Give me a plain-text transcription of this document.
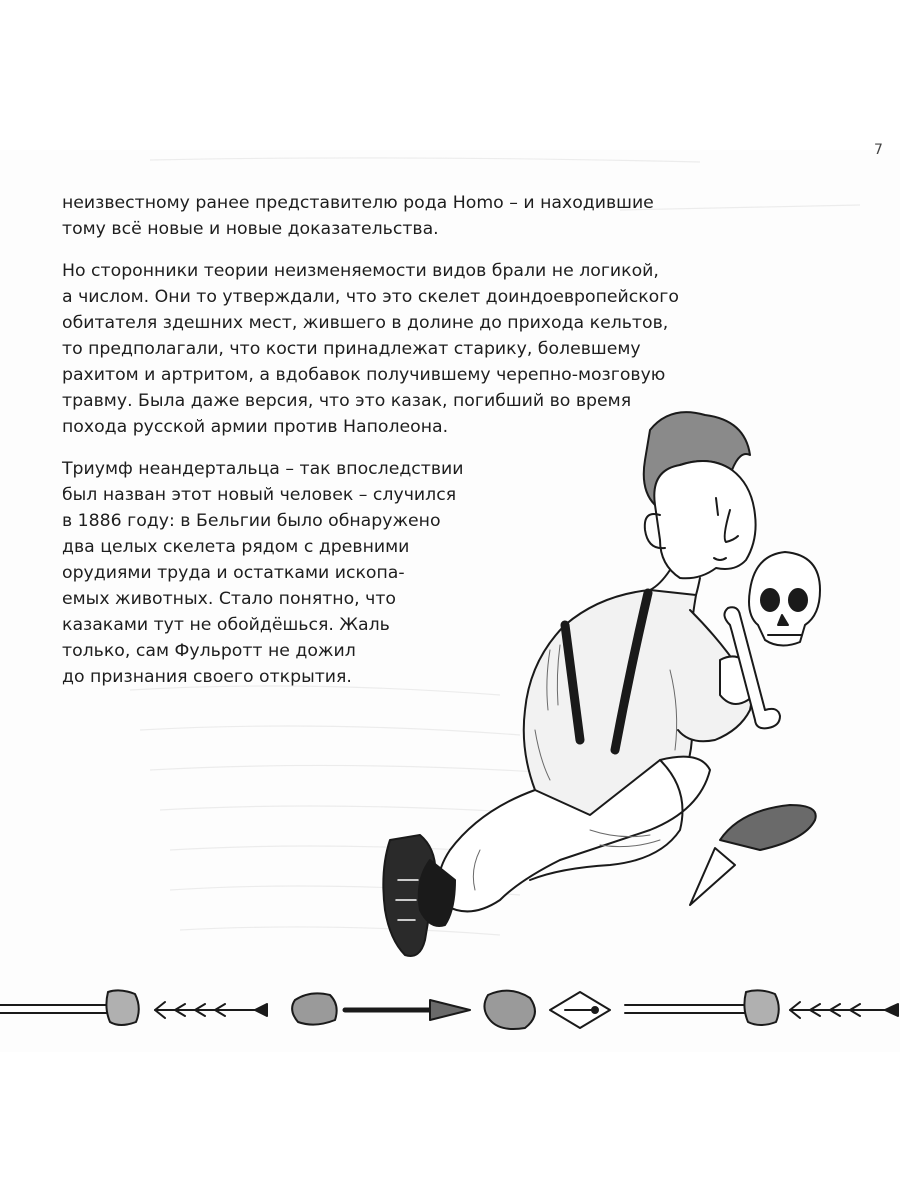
7
неизвестному ранее представителю рода Homo – и находившие
тому всё новые и новые доказательства.
Но сторонники теории неизменяемости видов брали не логикой,
а числом. Они то утверждали, что это скелет доиндоевропейского
обитателя здешних мест, жившего в долине до прихода кельтов,
то предполагали, что кости принадлежат старику, болевшему
рахитом и артритом, а вдобавок получившему черепно-мозговую
травму. Была даже версия, что это казак, погибший во время
похода русской армии против Наполеона.
Триумф неандертальца – так впоследствии
был назван этот новый человек – случился
в 1886 году: в Бельгии было обнаружено
два целых скелета рядом с древними
орудиями труда и остатками ископа-
емых животных. Стало понятно, что
казаками тут не обойдёшься. Жаль
только, сам Фульротт не дожил
до признания своего открытия.
